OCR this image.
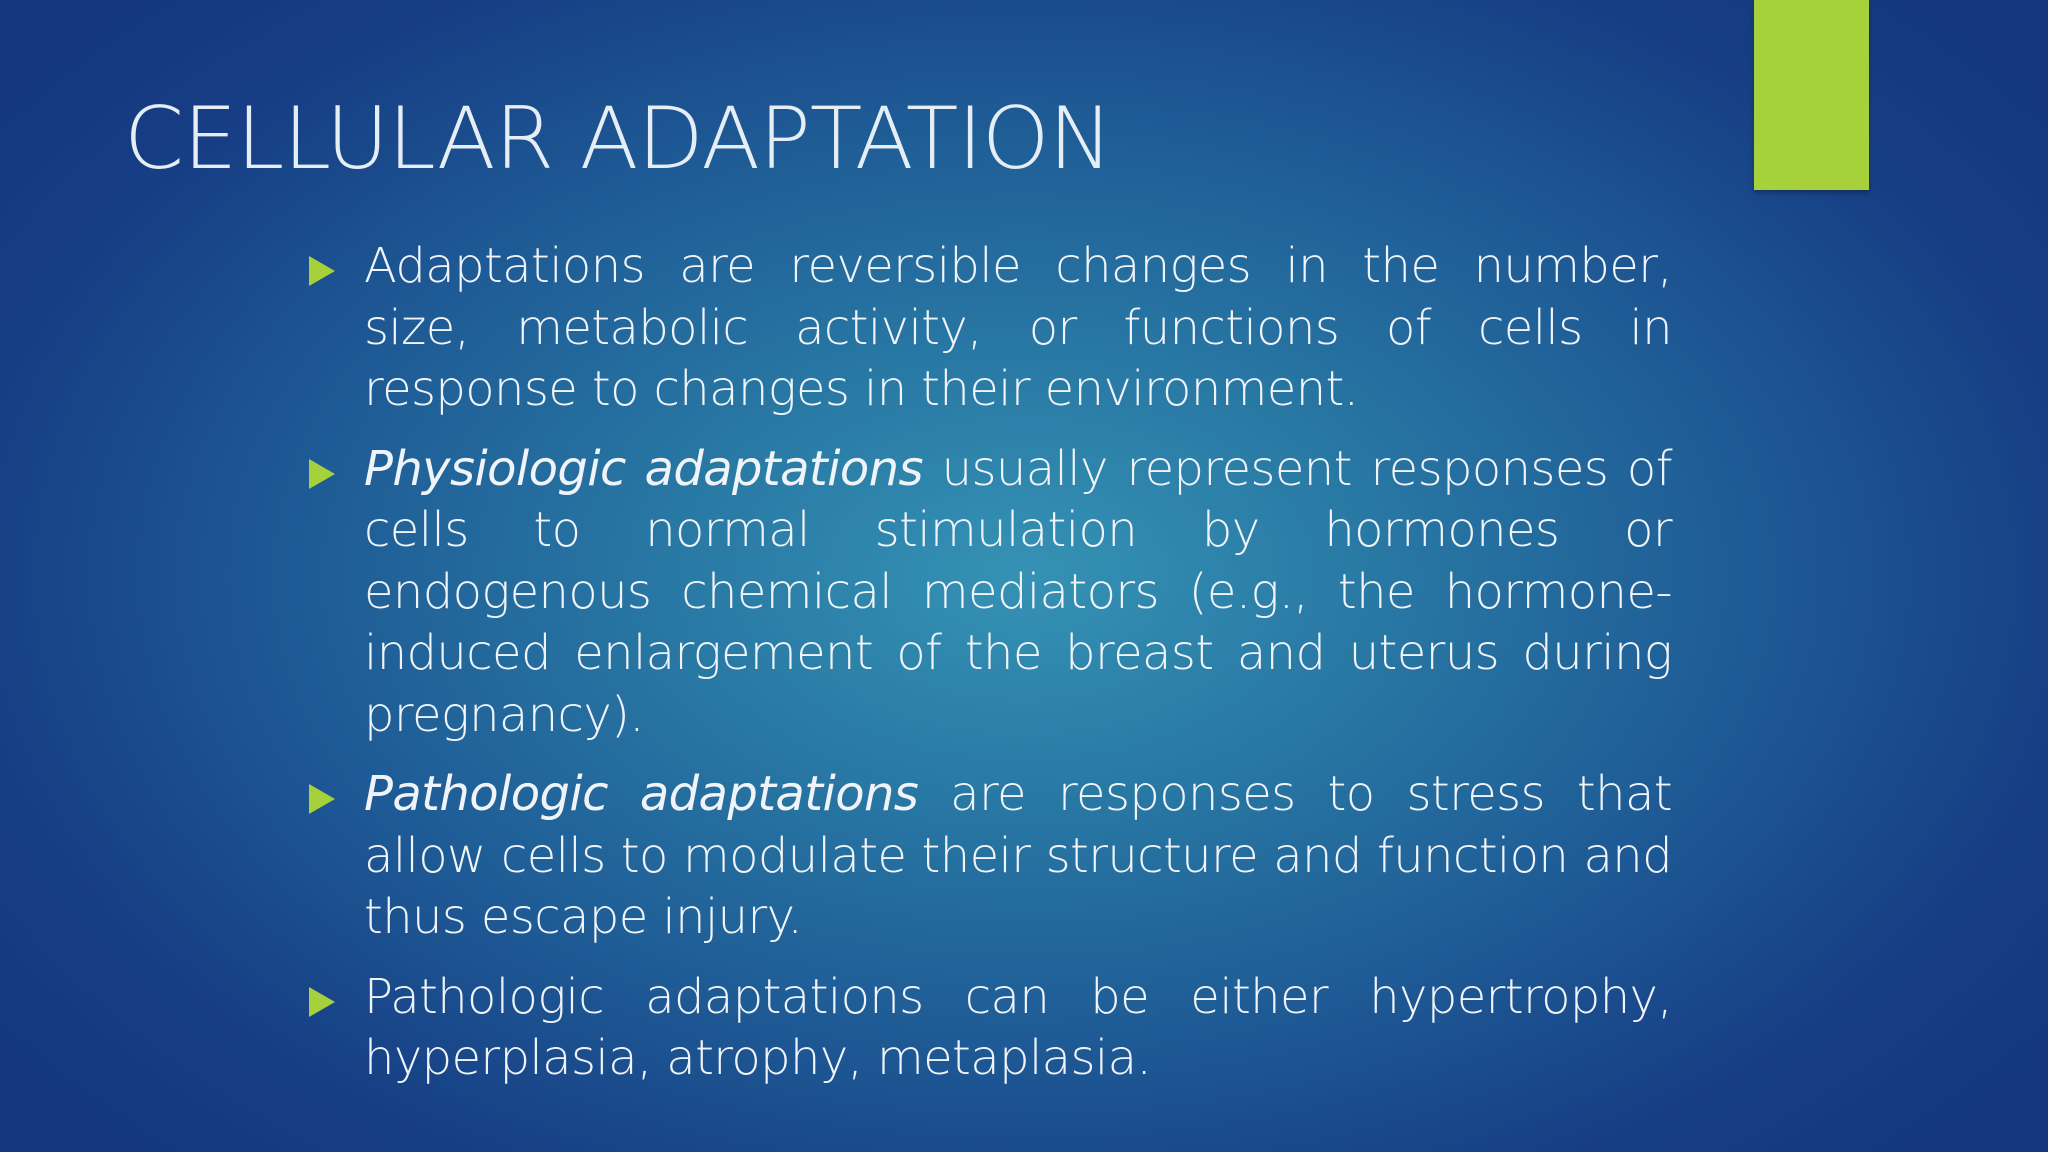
CELLULAR ADAPTATION

Adaptations are reversible changes in the number, size, metabolic activity, or functions of cells in response to changes in their environment.

Physiologic adaptations usually represent responses of cells to normal stimulation by hormones or endogenous chemical mediators (e.g., the hormone-induced enlargement of the breast and uterus during pregnancy).

Pathologic adaptations are responses to stress that allow cells to modulate their structure and function and thus escape injury.

Pathologic adaptations can be either hypertrophy, hyperplasia, atrophy, metaplasia.
